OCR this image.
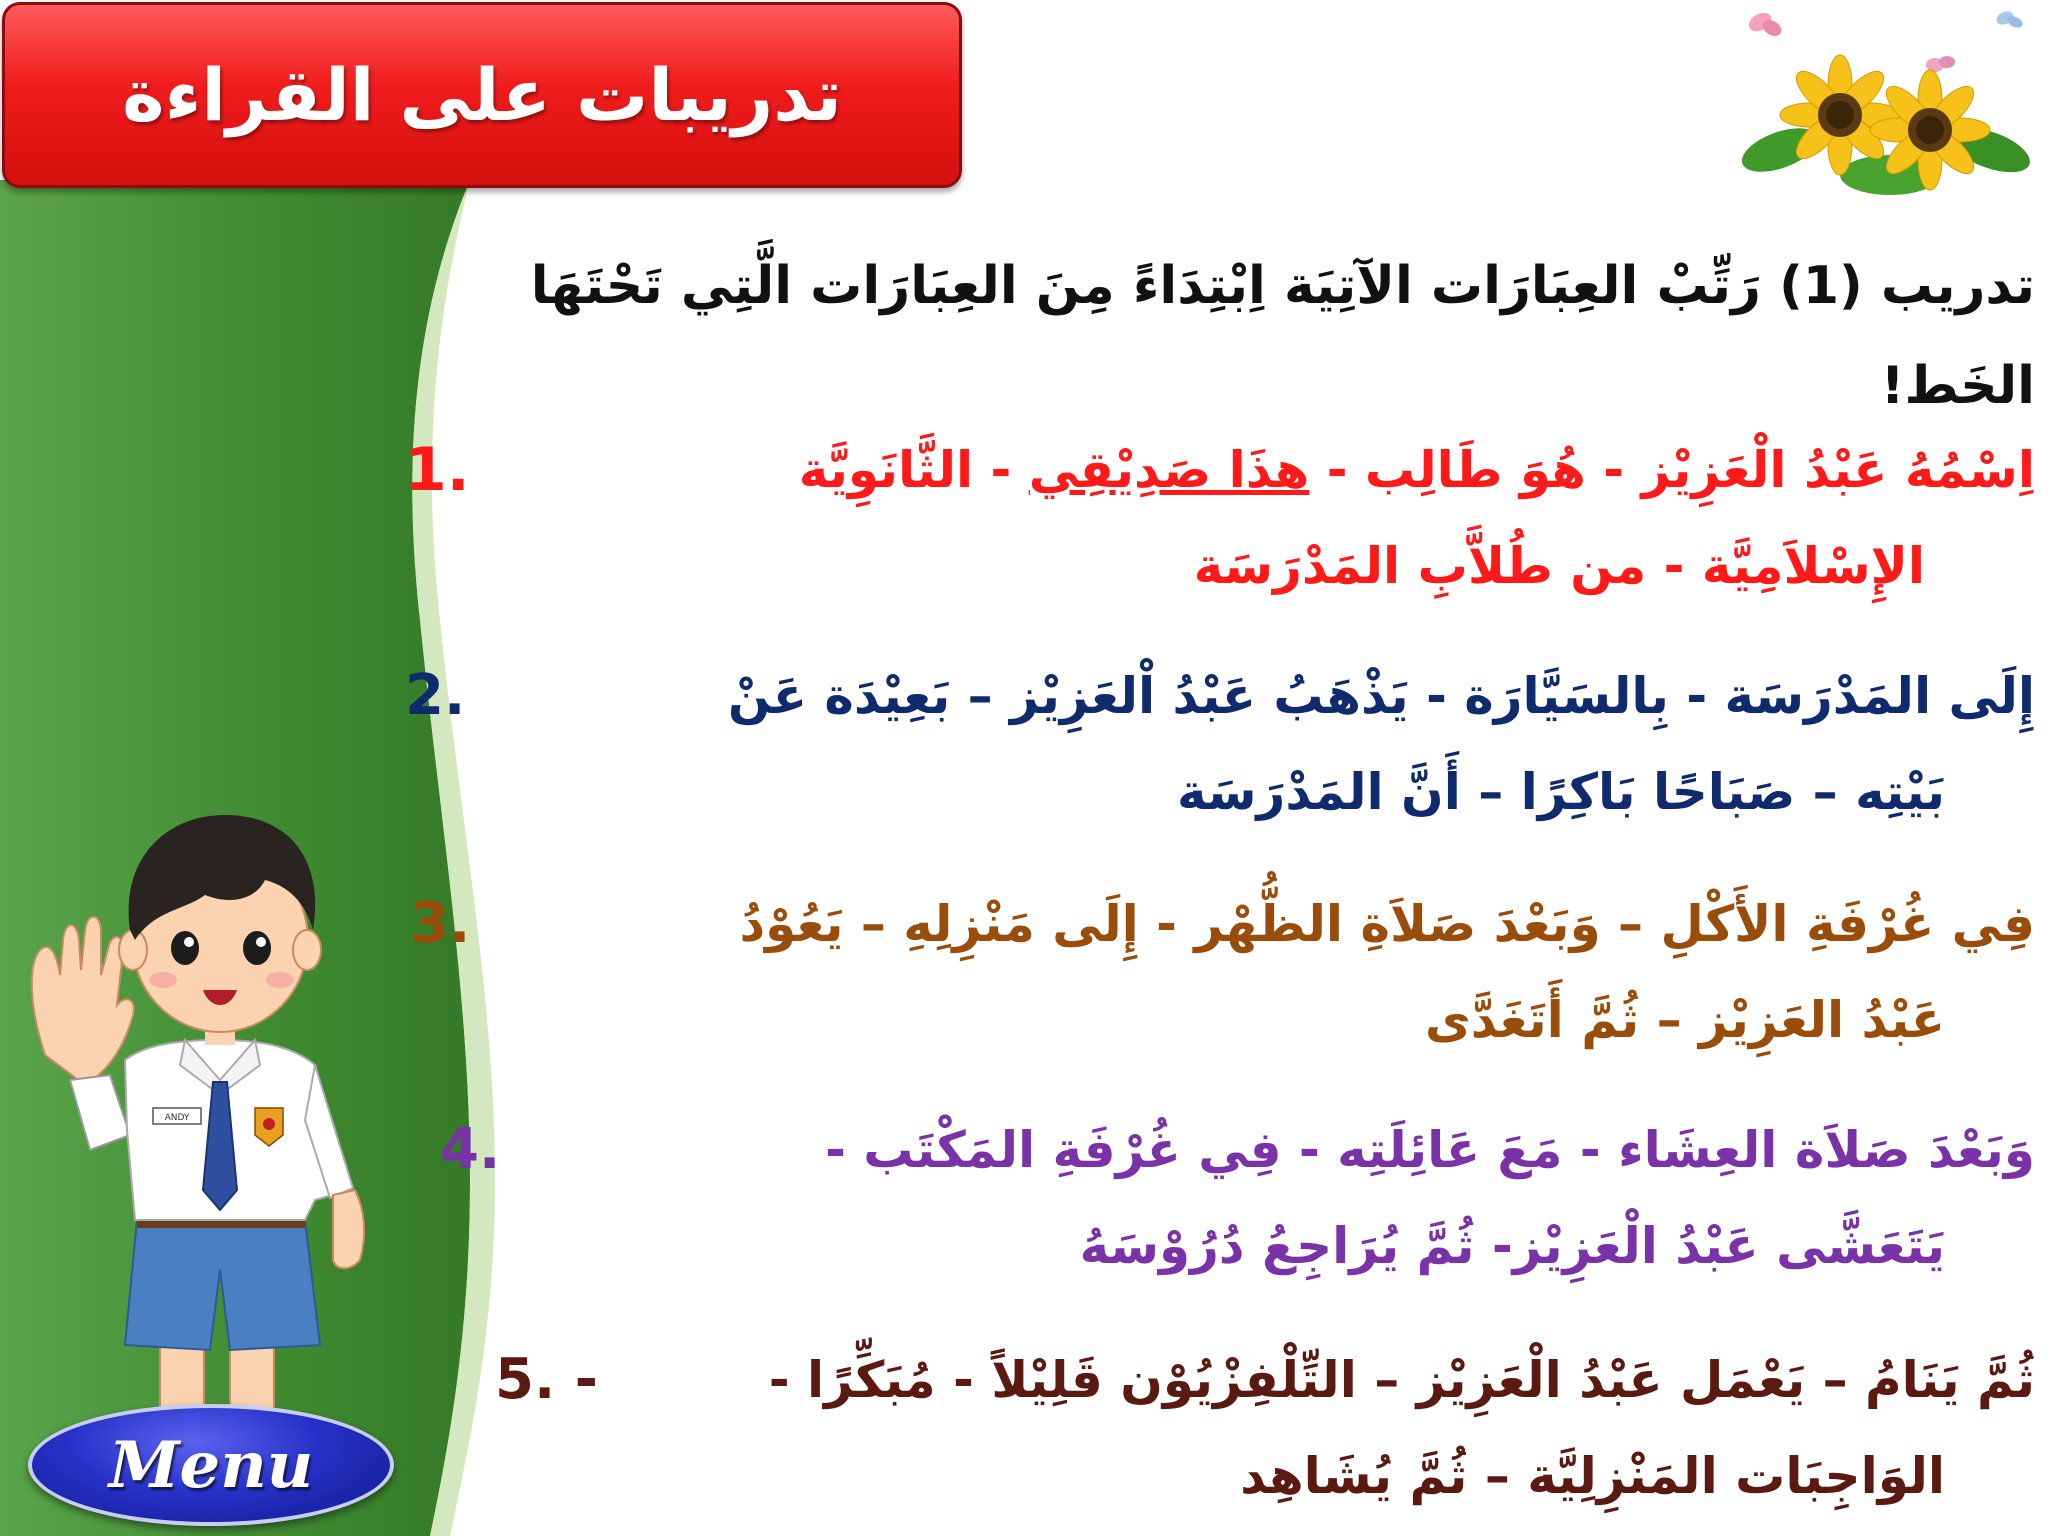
تدريبات على القراءة
تدريب (1) رَتِّبْ العِبَارَات الآتِيَة اِبْتِدَاءً مِنَ العِبَارَات الَّتِي تَحْتَهَا
الخَط!
1.	اِسْمُهُ عَبْدُ الْعَزِيْز - هُوَ طَالِب - هذَا صَدِيْقِي - الثَّانَوِيَّة
الإِسْلاَمِيَّة - من طُلاَّبِ المَدْرَسَة
2.	إِلَى المَدْرَسَة - بِالسَيَّارَة - يَذْهَبُ عَبْدُ اْلعَزِيْز – بَعِيْدَة عَنْ
بَيْتِه – صَبَاحًا بَاكِرًا – أَنَّ المَدْرَسَة
3.	فِي غُرْفَةِ الأَكْلِ – وَبَعْدَ صَلاَةِ الظُّهْر - إِلَى مَنْزِلِهِ – يَعُوْدُ
عَبْدُ العَزِيْز – ثُمَّ أَتَغَدَّى
4.	وَبَعْدَ صَلاَة العِشَاء - مَعَ عَائِلَتِه - فِي غُرْفَةِ المَكْتَب -
يَتَعَشَّى عَبْدُ الْعَزِيْز- ثُمَّ يُرَاجِعُ دُرُوْسَهُ
5. -	ثُمَّ يَنَامُ – يَعْمَل عَبْدُ الْعَزِيْز – التِّلْفِزْيُوْن قَلِيْلاً - مُبَكِّرًا -
الوَاجِبَات المَنْزِلِيَّة – ثُمَّ يُشَاهِد
ANDY
Menu
